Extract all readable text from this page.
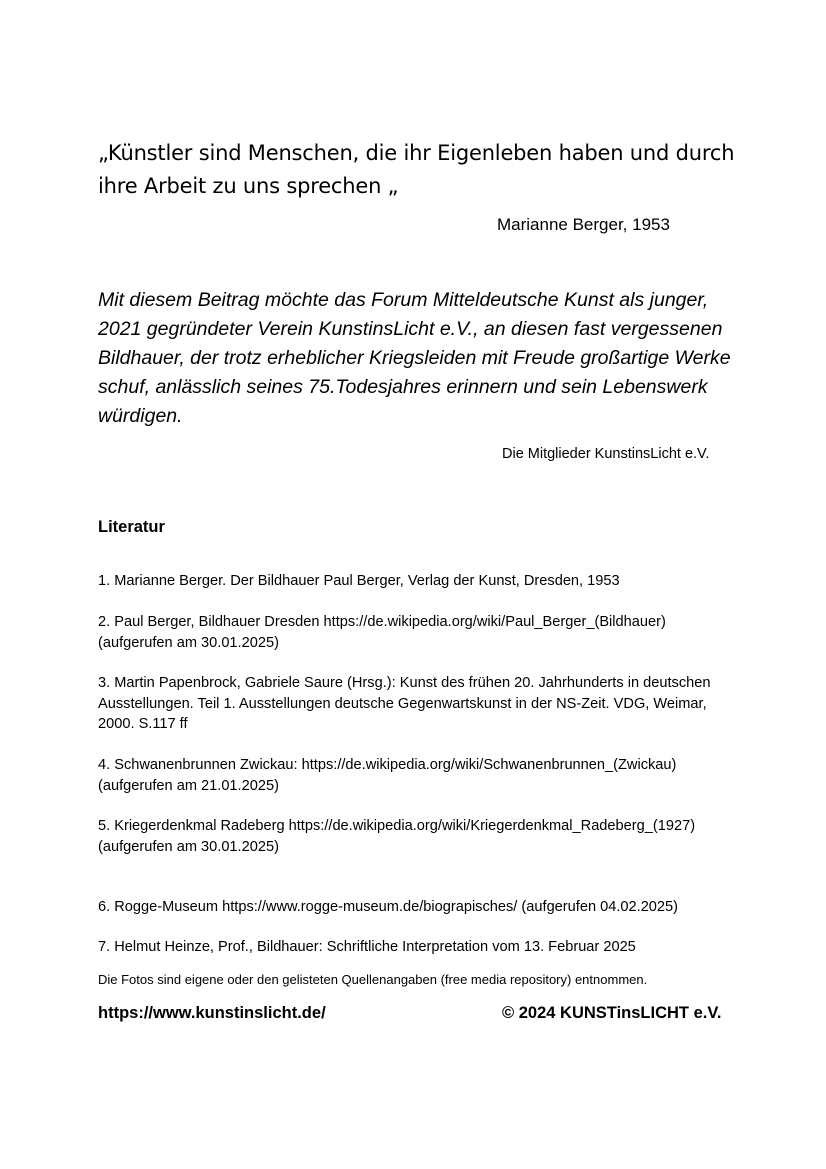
„Künstler sind Menschen, die ihr Eigenleben haben und durch ihre Arbeit zu uns sprechen „

Marianne Berger, 1953

Mit diesem Beitrag möchte das Forum Mitteldeutsche Kunst als junger, 2021 gegründeter Verein KunstinsLicht e.V., an diesen fast vergessenen Bildhauer, der trotz erheblicher Kriegsleiden mit Freude großartige Werke schuf, anlässlich seines 75.Todesjahres erinnern und sein Lebenswerk würdigen.

Die Mitglieder KunstinsLicht e.V.

Literatur

1. Marianne Berger. Der Bildhauer Paul Berger, Verlag der Kunst, Dresden, 1953
2. Paul Berger, Bildhauer Dresden https://de.wikipedia.org/wiki/Paul_Berger_(Bildhauer) (aufgerufen am 30.01.2025)
3. Martin Papenbrock, Gabriele Saure (Hrsg.): Kunst des frühen 20. Jahrhunderts in deutschen Ausstellungen. Teil 1. Ausstellungen deutsche Gegenwartskunst in der NS-Zeit. VDG, Weimar, 2000. S.117 ff
4. Schwanenbrunnen Zwickau: https://de.wikipedia.org/wiki/Schwanenbrunnen_(Zwickau) (aufgerufen am 21.01.2025)
5. Kriegerdenkmal Radeberg https://de.wikipedia.org/wiki/Kriegerdenkmal_Radeberg_(1927) (aufgerufen am 30.01.2025)
6. Rogge-Museum https://www.rogge-museum.de/biograpisches/ (aufgerufen 04.02.2025)
7. Helmut Heinze, Prof., Bildhauer: Schriftliche Interpretation vom 13. Februar 2025

Die Fotos sind eigene oder den gelisteten Quellenangaben (free media repository) entnommen.

https://www.kunstinslicht.de/	© 2024 KUNSTinsLICHT e.V.
